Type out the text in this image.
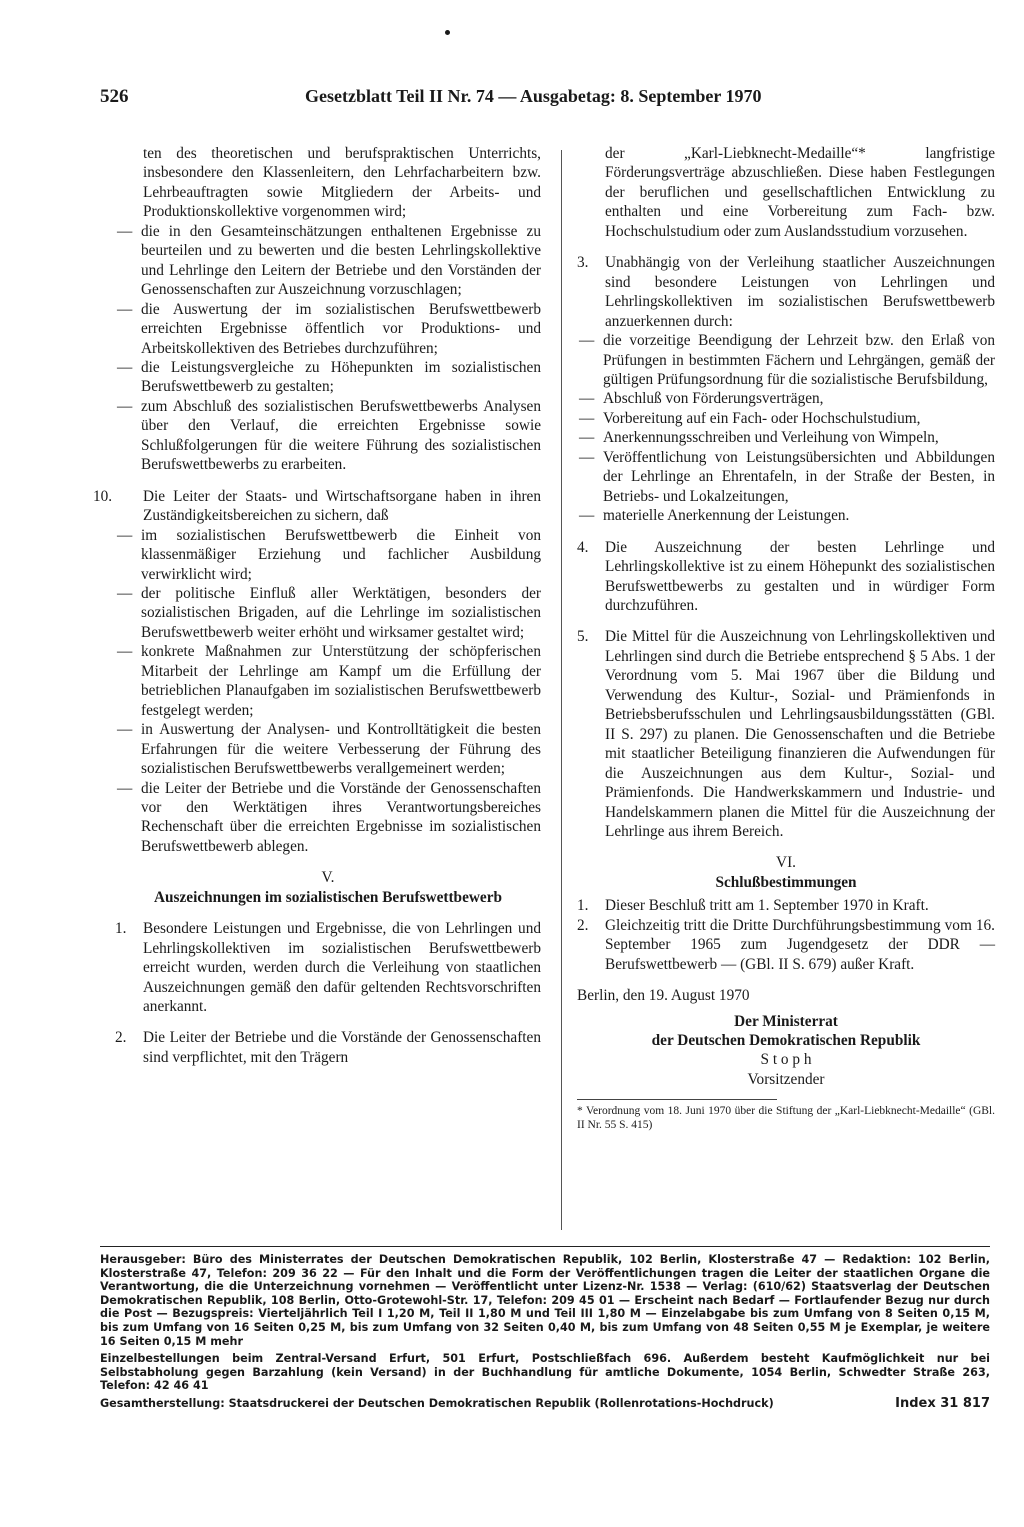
526	Gesetzblatt Teil II Nr. 74 — Ausgabetag: 8. September 1970

ten des theoretischen und berufspraktischen Unterrichts, insbesondere den Klassenleitern, den Lehrfacharbeitern bzw. Lehrbeauftragten sowie Mitgliedern der Arbeits- und Produktionskollektive vorgenommen wird;

— die in den Gesamteinschätzungen enthaltenen Ergebnisse zu beurteilen und zu bewerten und die besten Lehrlingskollektive und Lehrlinge den Leitern der Betriebe und den Vorständen der Genossenschaften zur Auszeichnung vorzuschlagen;

— die Auswertung der im sozialistischen Berufswettbewerb erreichten Ergebnisse öffentlich vor Produktions- und Arbeitskollektiven des Betriebes durchzuführen;

— die Leistungsvergleiche zu Höhepunkten im sozialistischen Berufswettbewerb zu gestalten;

— zum Abschluß des sozialistischen Berufswettbewerbs Analysen über den Verlauf, die erreichten Ergebnisse sowie Schlußfolgerungen für die weitere Führung des sozialistischen Berufswettbewerbs zu erarbeiten.

10. Die Leiter der Staats- und Wirtschaftsorgane haben in ihren Zuständigkeitsbereichen zu sichern, daß

— im sozialistischen Berufswettbewerb die Einheit von klassenmäßiger Erziehung und fachlicher Ausbildung verwirklicht wird;

— der politische Einfluß aller Werktätigen, besonders der sozialistischen Brigaden, auf die Lehrlinge im sozialistischen Berufswettbewerb weiter erhöht und wirksamer gestaltet wird;

— konkrete Maßnahmen zur Unterstützung der schöpferischen Mitarbeit der Lehrlinge am Kampf um die Erfüllung der betrieblichen Planaufgaben im sozialistischen Berufswettbewerb festgelegt werden;

— in Auswertung der Analysen- und Kontrolltätigkeit die besten Erfahrungen für die weitere Verbesserung der Führung des sozialistischen Berufswettbewerbs verallgemeinert werden;

— die Leiter der Betriebe und die Vorstände der Genossenschaften vor den Werktätigen ihres Verantwortungsbereiches Rechenschaft über die erreichten Ergebnisse im sozialistischen Berufswettbewerb ablegen.

V.

Auszeichnungen im sozialistischen Berufswettbewerb

1. Besondere Leistungen und Ergebnisse, die von Lehrlingen und Lehrlingskollektiven im sozialistischen Berufswettbewerb erreicht wurden, werden durch die Verleihung von staatlichen Auszeichnungen gemäß den dafür geltenden Rechtsvorschriften anerkannt.

2. Die Leiter der Betriebe und die Vorstände der Genossenschaften sind verpflichtet, mit den Trägern

der „Karl-Liebknecht-Medaille“* langfristige Förderungsverträge abzuschließen. Diese haben Festlegungen der beruflichen und gesellschaftlichen Entwicklung zu enthalten und eine Vorbereitung zum Fach- bzw. Hochschulstudium oder zum Auslandsstudium vorzusehen.

3. Unabhängig von der Verleihung staatlicher Auszeichnungen sind besondere Leistungen von Lehrlingen und Lehrlingskollektiven im sozialistischen Berufswettbewerb anzuerkennen durch:

— die vorzeitige Beendigung der Lehrzeit bzw. den Erlaß von Prüfungen in bestimmten Fächern und Lehrgängen, gemäß der gültigen Prüfungsordnung für die sozialistische Berufsbildung,

— Abschluß von Förderungsverträgen,

— Vorbereitung auf ein Fach- oder Hochschulstudium,

— Anerkennungsschreiben und Verleihung von Wimpeln,

— Veröffentlichung von Leistungsübersichten und Abbildungen der Lehrlinge an Ehrentafeln, in der Straße der Besten, in Betriebs- und Lokalzeitungen,

— materielle Anerkennung der Leistungen.

4. Die Auszeichnung der besten Lehrlinge und Lehrlingskollektive ist zu einem Höhepunkt des sozialistischen Berufswettbewerbs zu gestalten und in würdiger Form durchzuführen.

5. Die Mittel für die Auszeichnung von Lehrlingskollektiven und Lehrlingen sind durch die Betriebe entsprechend § 5 Abs. 1 der Verordnung vom 5. Mai 1967 über die Bildung und Verwendung des Kultur-, Sozial- und Prämienfonds in Betriebsberufsschulen und Lehrlingsausbildungsstätten (GBl. II S. 297) zu planen. Die Genossenschaften und die Betriebe mit staatlicher Beteiligung finanzieren die Aufwendungen für die Auszeichnungen aus dem Kultur-, Sozial- und Prämienfonds. Die Handwerkskammern und Industrie- und Handelskammern planen die Mittel für die Auszeichnung der Lehrlinge aus ihrem Bereich.

VI.

Schlußbestimmungen

1. Dieser Beschluß tritt am 1. September 1970 in Kraft.

2. Gleichzeitig tritt die Dritte Durchführungsbestimmung vom 16. September 1965 zum Jugendgesetz der DDR — Berufswettbewerb — (GBl. II S. 679) außer Kraft.

Berlin, den 19. August 1970

Der Ministerrat

der Deutschen Demokratischen Republik

S t o p h

Vorsitzender

* Verordnung vom 18. Juni 1970 über die Stiftung der „Karl-Liebknecht-Medaille“ (GBl. II Nr. 55 S. 415)

Herausgeber: Büro des Ministerrates der Deutschen Demokratischen Republik, 102 Berlin, Klosterstraße 47 — Redaktion: 102 Berlin, Klosterstraße 47, Telefon: 209 36 22 — Für den Inhalt und die Form der Veröffentlichungen tragen die Leiter der staatlichen Organe die Verantwortung, die die Unterzeichnung vornehmen — Veröffentlicht unter Lizenz-Nr. 1538 — Verlag: (610/62) Staatsverlag der Deutschen Demokratischen Republik, 108 Berlin, Otto-Grotewohl-Str. 17, Telefon: 209 45 01 — Erscheint nach Bedarf — Fortlaufender Bezug nur durch die Post — Bezugspreis: Vierteljährlich Teil I 1,20 M, Teil II 1,80 M und Teil III 1,80 M — Einzelabgabe bis zum Umfang von 8 Seiten 0,15 M, bis zum Umfang von 16 Seiten 0,25 M, bis zum Umfang von 32 Seiten 0,40 M, bis zum Umfang von 48 Seiten 0,55 M je Exemplar, je weitere 16 Seiten 0,15 M mehr

Einzelbestellungen beim Zentral-Versand Erfurt, 501 Erfurt, Postschließfach 696. Außerdem besteht Kaufmöglichkeit nur bei Selbstabholung gegen Barzahlung (kein Versand) in der Buchhandlung für amtliche Dokumente, 1054 Berlin, Schwedter Straße 263, Telefon: 42 46 41

Gesamtherstellung: Staatsdruckerei der Deutschen Demokratischen Republik (Rollenrotations-Hochdruck)	Index 31 817
